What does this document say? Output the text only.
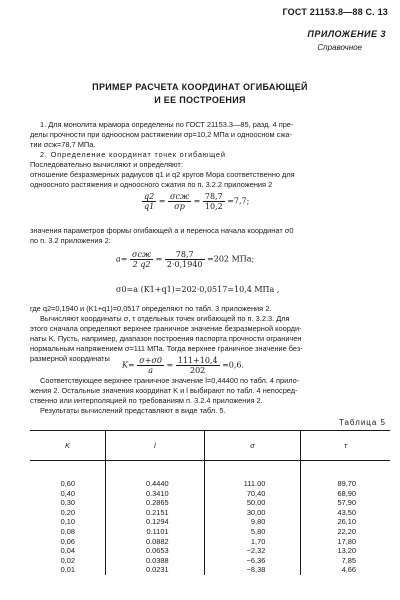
ГОСТ 21153.8—88 С. 13
ПРИЛОЖЕНИЕ 3
Справочное
ПРИМЕР РАСЧЕТА КООРДИНАТ ОГИБАЮЩЕЙ
И ЕЕ ПОСТРОЕНИЯ
1. Для монолита мрамора определены по ГОСТ 21153.3—85, разд. 4 пре-
делы прочности при одноосном растяжении σр=10,2 МПа и одноосном сжа-
тии σсж=78,7 МПа.
2. Определение координат точек огибающей
Последовательно вычисляют и определяют:
отношение безразмерных радиусов q1 и q2 кругов Мора соответственно для
одноосного растяжения и одноосного сжатия по п. 3.2.2 приложения 2
$\frac{q2}{q1} = \frac{\text{σсж}}{\sigma р} = \frac{78,7}{10,2} =7,7$;
значения параметров формы огибающей a и переноса начала координат σ0
по п. 3.2 приложения 2:
$a= \frac{\text{σсж}}{2 q2} = \frac{78,7}{2\cdot 0,1940} =202$ МПа;
σ0=a (K1+q1)=202·0,0517=10,4 МПа ,
где q2=0,1940 и (K1+q1)=0,0517 определяют по табл. 3 приложения 2.
Вычисляют координаты σ, τ отдельных точек огибающей по п. 3.2.3. Для
этого сначала определяют верхнее граничное значение безразмерной коорди-
наты K. Пусть, например, диапазон построения паспорта прочности ограничен
нормальным напряжением σ=111 МПа. Тогда верхнее граничное значение без-
размерной координаты
$K= \frac{\sigma+\sigma 0}{a} = \frac{111+10,4}{202} =0,6$.
Соответствующее верхнее граничное значение l=0,44400 по табл. 4 прило-
Таблица 5
K	l	σ	τ
0,60	0.4440	111.00	89,70
0,40	0.3410	70,40	68,90
0,30	0.2865	50,00	57,90
0,20	0.2151	30,00	43,50
0,10	0.1294	9,80	26,10
0,08	0.1101	5,80	22,20
0,06	0.0882	1,70	17,80
0,04	0.0653	−2,32	13,20
0,02	0.0388	−6,36	7,85
0,01	0.0231	−8,38	4,66
жения 2. Остальные значения координат K и l выбирают по табл. 4 непосред-
ственно или интерполяцией по требованиям п. 3.2.4 приложения 2.
Результаты вычислений представляют в виде табл. 5.
